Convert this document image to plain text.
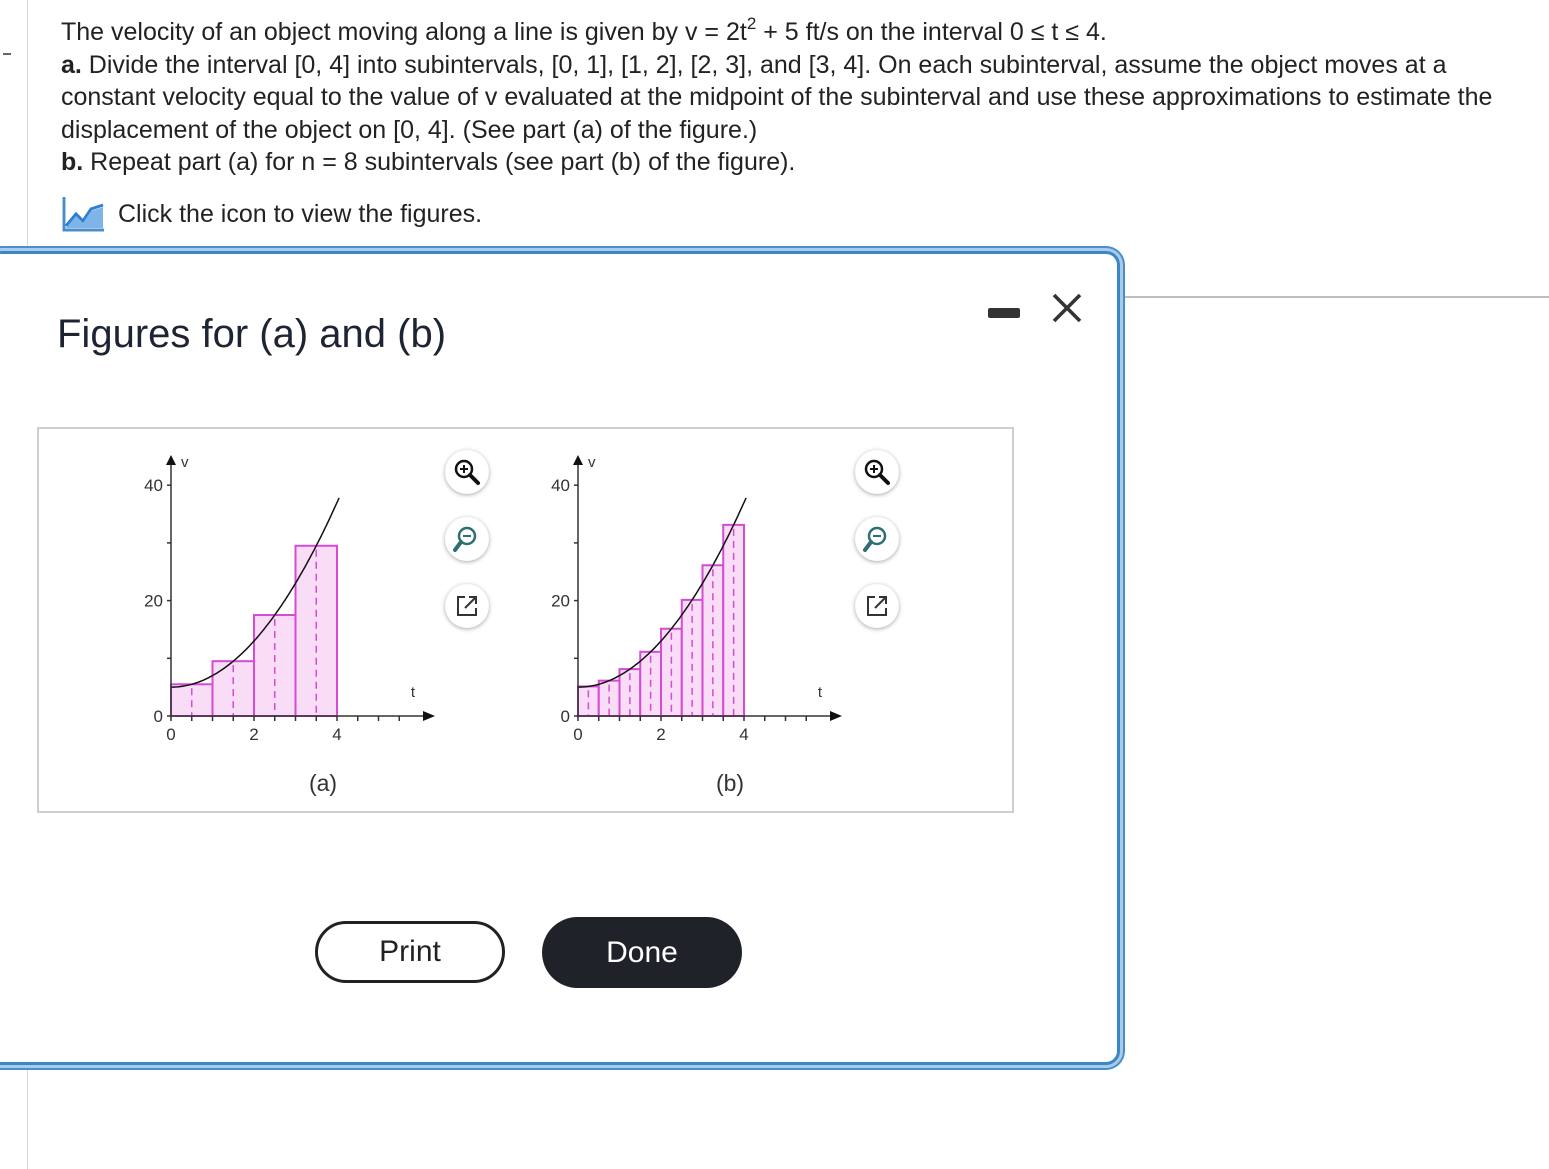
The velocity of an object moving along a line is given by $v = 2t^2 + 5$ ft/s on the interval 0 ≤ t ≤ 4.

a. Divide the interval [0, 4] into subintervals, [0, 1], [1, 2], [2, 3], and [3, 4]. On each subinterval, assume the object moves at a constant velocity equal to the value of v evaluated at the midpoint of the subinterval and use these approximations to estimate the displacement of the object on [0, 4]. (See part (a) of the figure.)

b. Repeat part (a) for n = 8 subintervals (see part (b) of the figure).

Click the icon to view the figures.
Figures for (a) and (b)
0
20
40
0	2	4
v
t
(a)
0
20
40
0	2	4
v
t
(b)
Print	Done
